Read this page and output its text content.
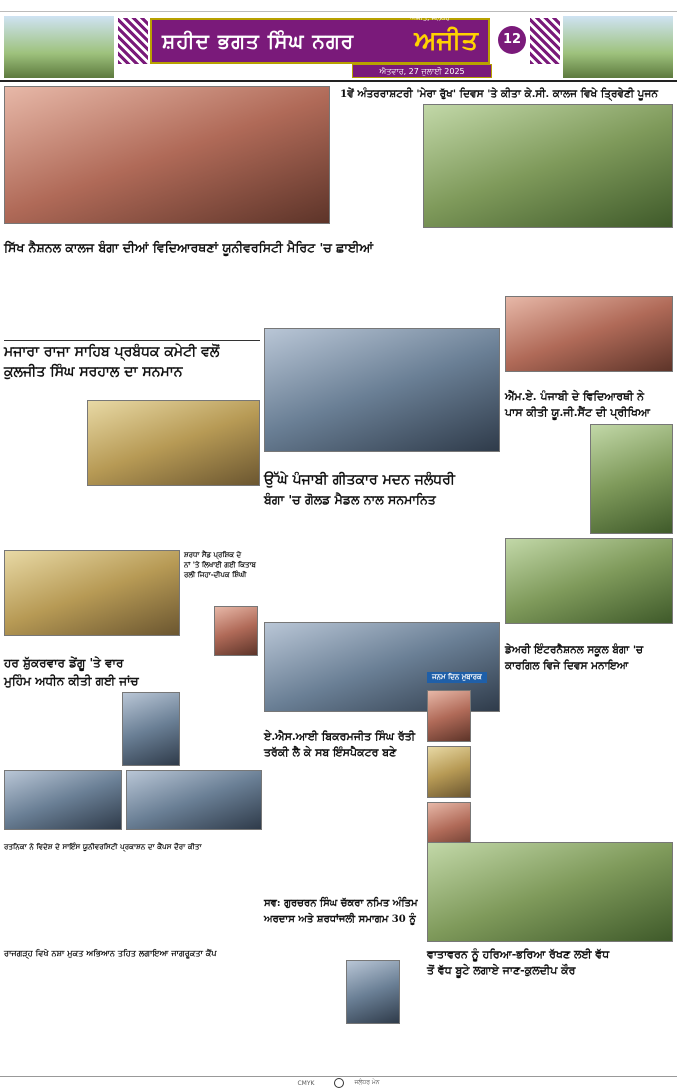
ਸ਼ਹੀਦ ਭਗਤ ਸਿੰਘ ਨਗਰ ਅਜੀਤ
ਅਜੀਤ, ਜਲੰਧਰ
ਐਤਵਾਰ, 27 ਜੁਲਾਈ 2025
12
ਸਿੱਖ ਨੈਸ਼ਨਲ ਕਾਲਜ ਬੰਗਾ ਦੀਆਂ ਵਿਦਿਆਰਥਣਾਂ ਯੂਨੀਵਰਸਿਟੀ ਮੈਰਿਟ 'ਚ ਛਾਈਆਂ
1ਵੇਂ ਅੰਤਰਰਾਸ਼ਟਰੀ 'ਮੇਰਾ ਰੁੱਖ' ਦਿਵਸ 'ਤੇ ਕੀਤਾ ਕੇ.ਸੀ. ਕਾਲਜ ਵਿਖੇ ਤ੍ਰਿਵੇਣੀ ਪੂਜਨ
ਮਜਾਰਾ ਰਾਜਾ ਸਾਹਿਬ ਪ੍ਰਬੰਧਕ ਕਮੇਟੀ ਵਲੋਂ
ਕੁਲਜੀਤ ਸਿੰਘ ਸਰਹਾਲ ਦਾ ਸਨਮਾਨ
ਉੱਘੇ ਪੰਜਾਬੀ ਗੀਤਕਾਰ ਮਦਨ ਜਲੰਧਰੀ
ਬੰਗਾ 'ਚ ਗੋਲਡ ਮੈਡਲ ਨਾਲ ਸਨਮਾਨਿਤ
ਐੱਮ.ਏ. ਪੰਜਾਬੀ ਦੇ ਵਿਦਿਆਰਥੀ ਨੇ
ਪਾਸ ਕੀਤੀ ਯੂ.ਜੀ.ਸੈਂਟ ਦੀ ਪ੍ਰੀਖਿਆ
ਹਰ ਸ਼ੁੱਕਰਵਾਰ ਡੇਂਗੂ 'ਤੇ ਵਾਰ
ਮੁਹਿੰਮ ਅਧੀਨ ਕੀਤੀ ਗਈ ਜਾਂਚ
ਸ਼ਰਧਾ ਸੈਂਡ ਪ੍ਰਸ਼ਿਕ ਦੇ
ਨਾਂ 'ਤੇ ਲਿਖਾਈ ਗਈ ਕਿਤਾਬ
ਰਲੀ ਜਿਹਾ-ਦੀਪਕ ਸ਼ਿੰਘੀ
ਏ.ਐਸ.ਆਈ ਬਿਕਰਮਜੀਤ ਸਿੰਘ ਰੱਤੀ
ਤਰੱਕੀ ਲੈ ਕੇ ਸਬ ਇੰਸਪੈਕਟਰ ਬਣੇ
ਰਤਨਿਕਾ ਨੇ ਵਿਦੇਸ਼ ਦੇ ਸਾਇੰਸ ਯੂਨੀਵਰਸਿਟੀ ਪ੍ਰਕਾਸ਼ਨ ਦਾ ਕੈਂਪਸ ਦੌਰਾ ਕੀਤਾ
ਡੇਅਰੀ ਇੰਟਰਨੈਸ਼ਨਲ ਸਕੂਲ ਬੰਗਾ 'ਚ
ਕਾਰਗਿਲ ਵਿਜੇ ਦਿਵਸ ਮਨਾਇਆ
ਜਨਮ ਦਿਨ ਮੁਬਾਰਕ
ਸਵ: ਗੁਰਚਰਨ ਸਿੰਘ ਚੱਕਰਾ ਨਮਿਤ ਅੰਤਿਮ
ਅਰਦਾਸ ਅਤੇ ਸ਼ਰਧਾਂਜਲੀ ਸਮਾਗਮ 30 ਨੂੰ
ਰਾਜਗੜ੍ਹ ਵਿਖੇ ਨਸ਼ਾ ਮੁਕਤ ਅਭਿਆਨ ਤਹਿਤ ਲਗਾਇਆ ਜਾਗਰੂਕਤਾ ਕੈਂਪ	ਵਾਤਾਵਰਨ ਨੂੰ ਹਰਿਆ-ਭਰਿਆ ਰੱਖਣ ਲਈ ਵੱਧ
ਤੋਂ ਵੱਧ ਬੂਟੇ ਲਗਾਏ ਜਾਣ-ਕੁਲਦੀਪ ਕੌਰ
CMYK	ਜਲੰਧਰ ਮੇਨ
